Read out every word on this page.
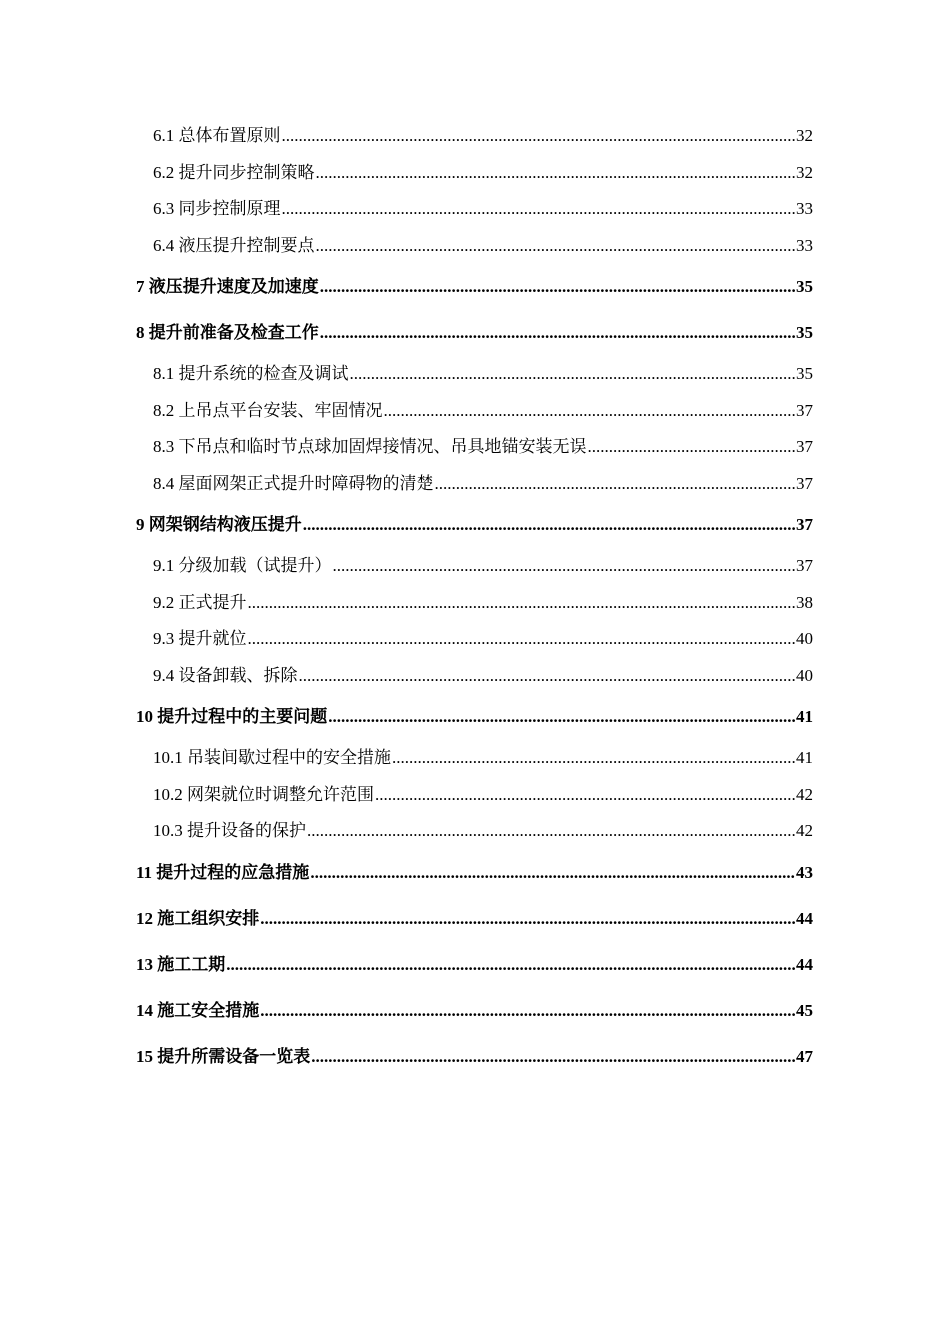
6.1 总体布置原则 .....	32
6.2 提升同步控制策略 .....	32
6.3 同步控制原理 .....	33
6.4 液压提升控制要点 .....	33
7 液压提升速度及加速度 .....	35
8 提升前准备及检查工作 .....	35
8.1 提升系统的检查及调试 .....	35
8.2 上吊点平台安装、牢固情况 .....	37
8.3 下吊点和临时节点球加固焊接情况、吊具地锚安装无误 .....	37
8.4 屋面网架正式提升时障碍物的清楚 .....	37
9 网架钢结构液压提升 .....	37
9.1 分级加载（试提升） .....	37
9.2 正式提升 .....	38
9.3 提升就位 .....	40
9.4 设备卸载、拆除 .....	40
10 提升过程中的主要问题 .....	41
10.1 吊装间歇过程中的安全措施 .....	41
10.2 网架就位时调整允许范围 .....	42
10.3 提升设备的保护 .....	42
11 提升过程的应急措施 .....	43
12 施工组织安排 .....	44
13 施工工期 .....	44
14 施工安全措施 .....	45
15 提升所需设备一览表 .....	47
